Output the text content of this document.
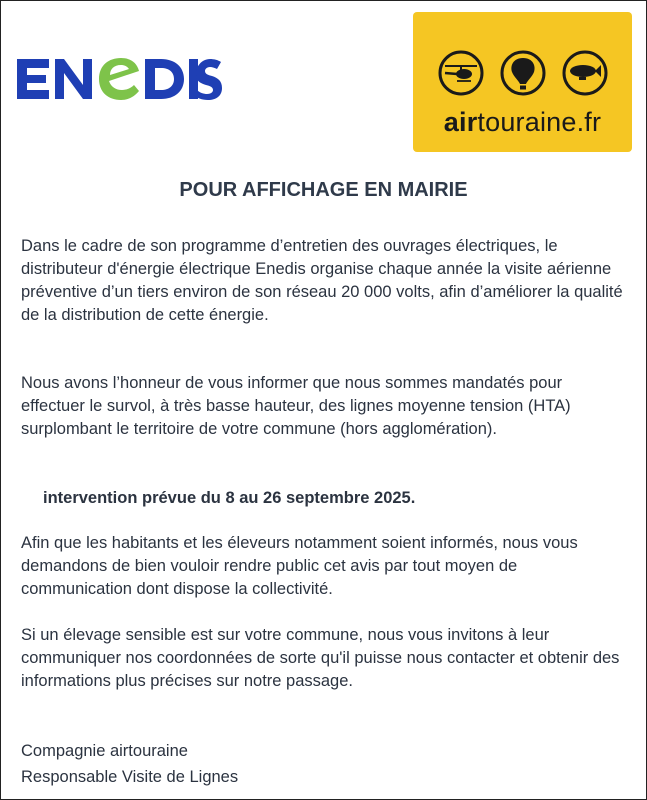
airtouraine.fr
POUR AFFICHAGE EN MAIRIE

Dans le cadre de son programme d’entretien des ouvrages électriques, le distributeur d'énergie électrique Enedis organise chaque année la visite aérienne préventive d’un tiers environ de son réseau 20 000 volts, afin d’améliorer la qualité de la distribution de cette énergie.

Nous avons l’honneur de vous informer que nous sommes mandatés pour effectuer le survol, à très basse hauteur, des lignes moyenne tension (HTA) surplombant le territoire de votre commune (hors agglomération).

intervention prévue du 8 au 26 septembre 2025.

Afin que les habitants et les éleveurs notamment soient informés, nous vous demandons de bien vouloir rendre public cet avis par tout moyen de communication dont dispose la collectivité.

Si un élevage sensible est sur votre commune, nous vous invitons à leur communiquer nos coordonnées de sorte qu'il puisse nous contacter et obtenir des informations plus précises sur notre passage.

Compagnie airtouraine
Responsable Visite de Lignes
